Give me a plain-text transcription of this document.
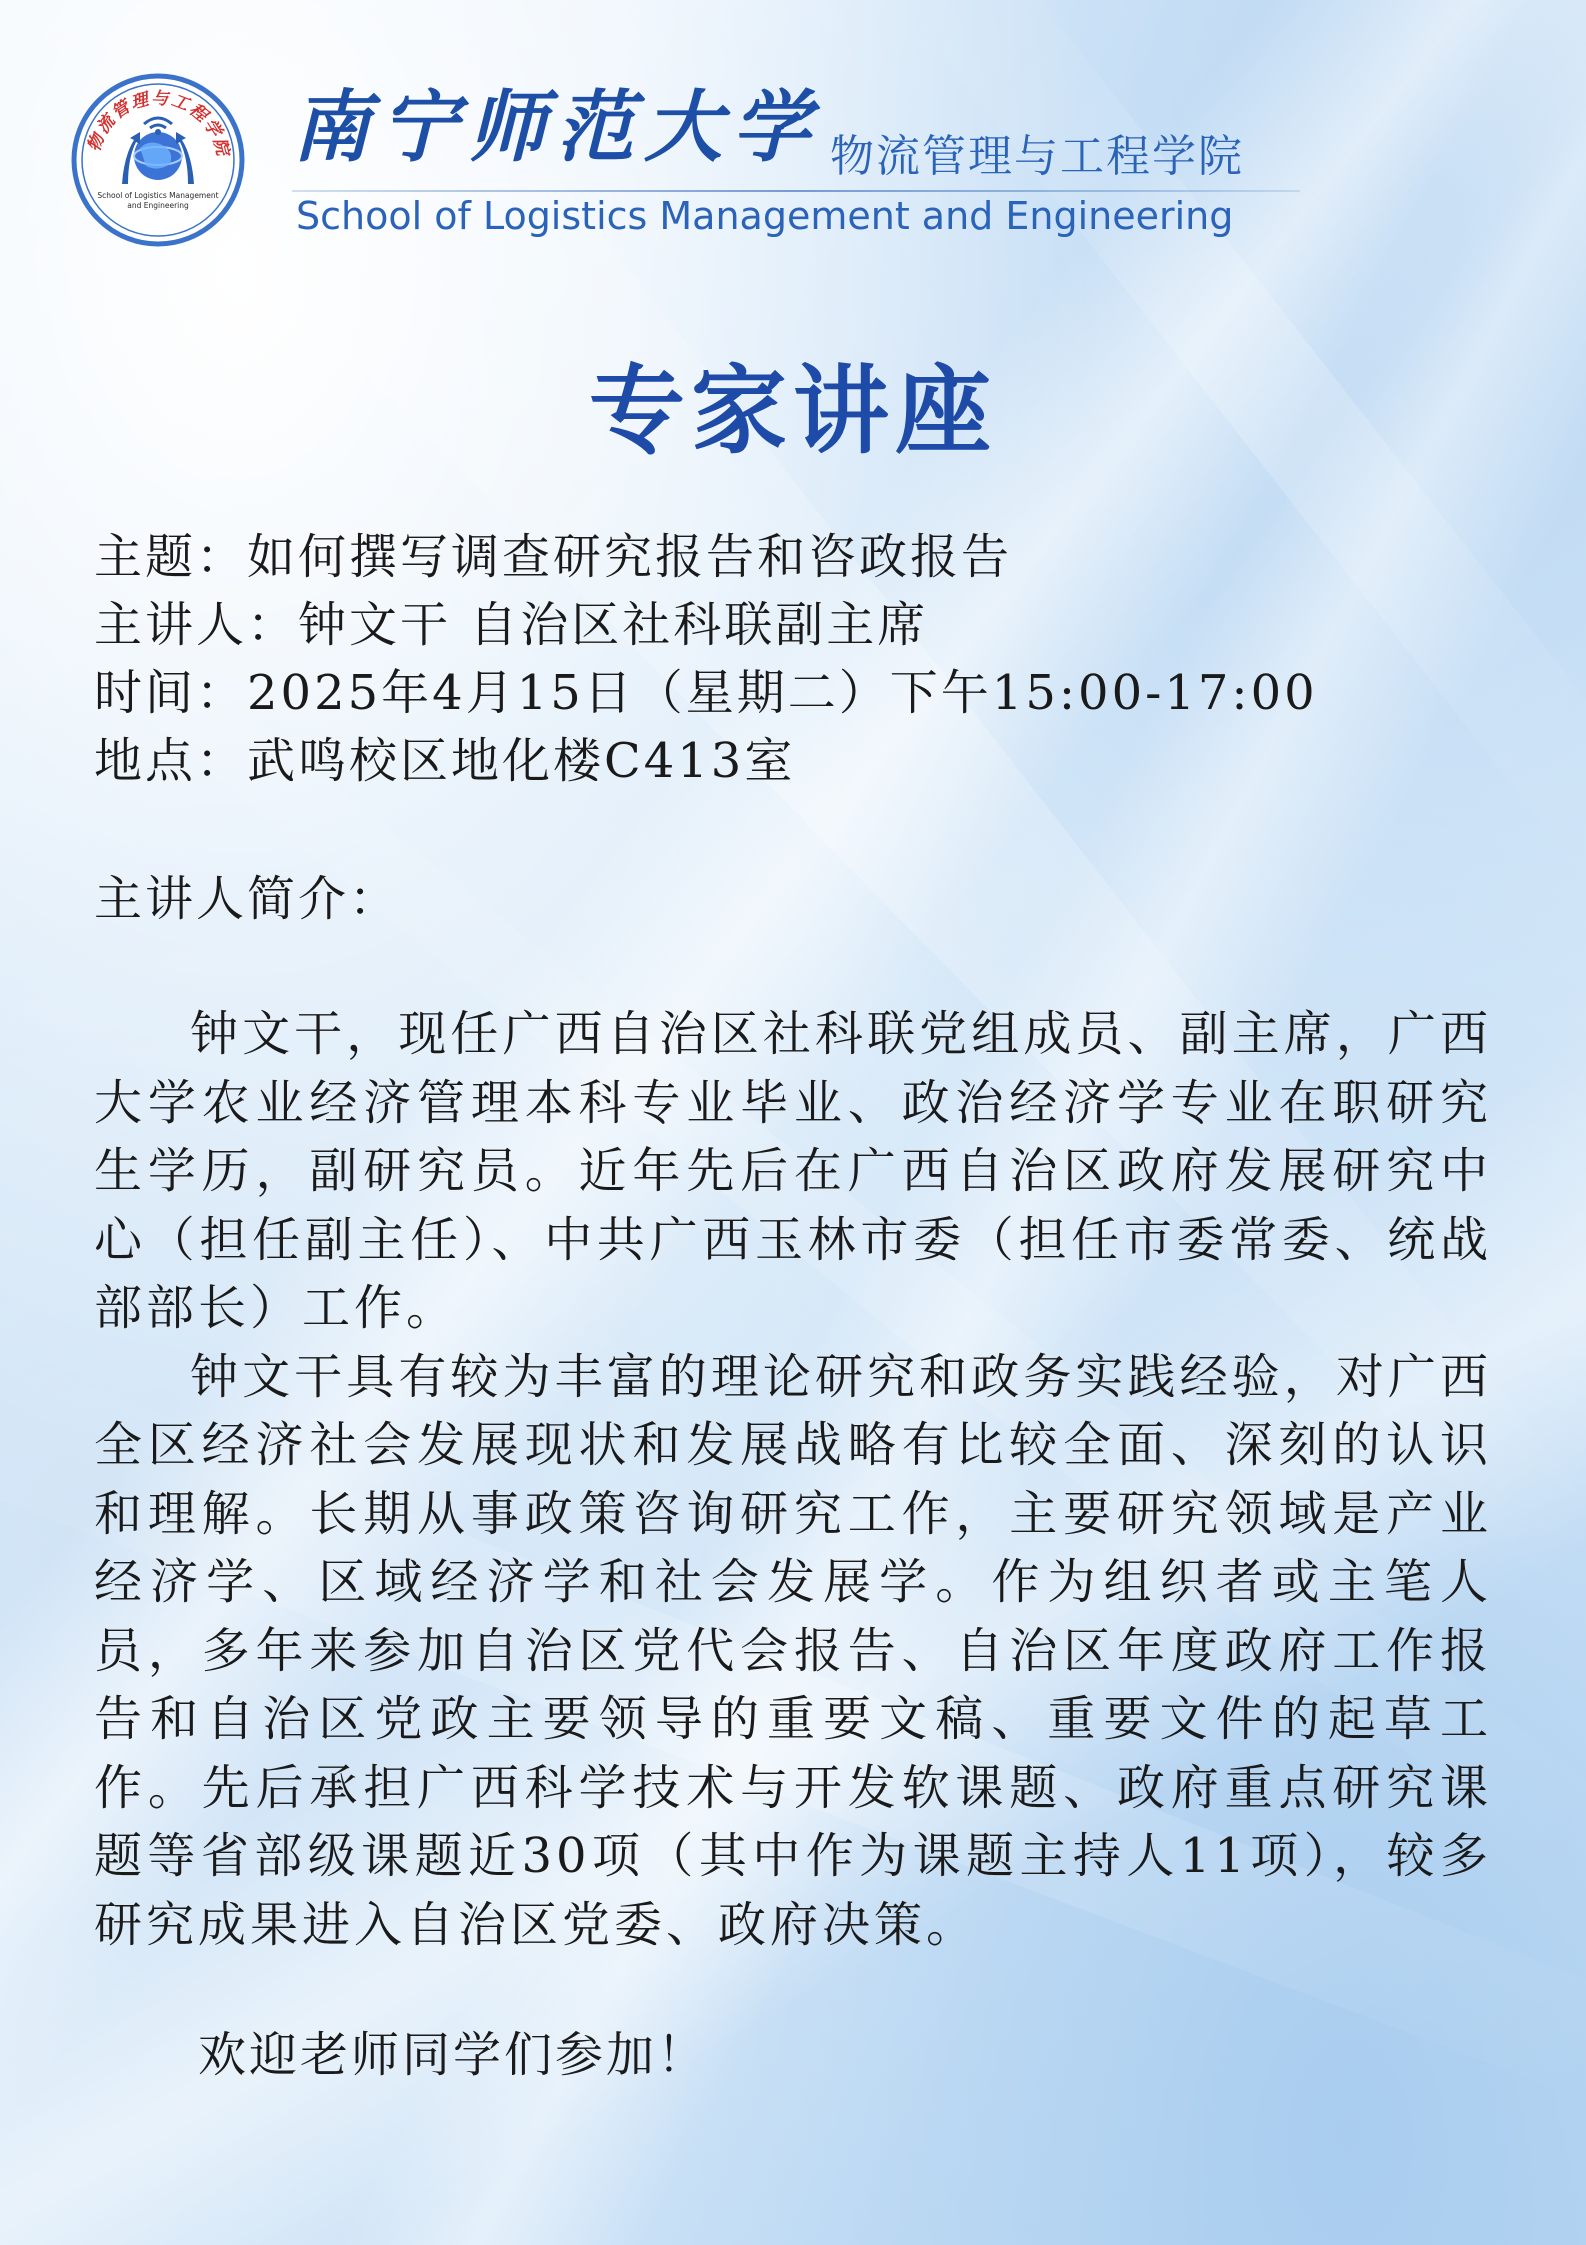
物流管理与工程学院
School of Logistics Management
and Engineering
南宁师范大学 物流管理与工程学院
School of Logistics Management and Engineering
专家讲座
主题：如何撰写调查研究报告和咨政报告
主讲人：钟文干 自治区社科联副主席
时间：2025年4月15日（星期二）下午15:00-17:00
地点：武鸣校区地化楼C413室
主讲人简介：

钟文干，现任广西自治区社科联党组成员、副主席，广西大学农业经济管理本科专业毕业、政治经济学专业在职研究生学历，副研究员。近年先后在广西自治区政府发展研究中心（担任副主任）、中共广西玉林市委（担任市委常委、统战部部长）工作。

钟文干具有较为丰富的理论研究和政务实践经验，对广西全区经济社会发展现状和发展战略有比较全面、深刻的认识和理解。长期从事政策咨询研究工作，主要研究领域是产业经济学、区域经济学和社会发展学。作为组织者或主笔人员，多年来参加自治区党代会报告、自治区年度政府工作报告和自治区党政主要领导的重要文稿、重要文件的起草工作。先后承担广西科学技术与开发软课题、政府重点研究课题等省部级课题近30项（其中作为课题主持人11项），较多研究成果进入自治区党委、政府决策。

欢迎老师同学们参加！
